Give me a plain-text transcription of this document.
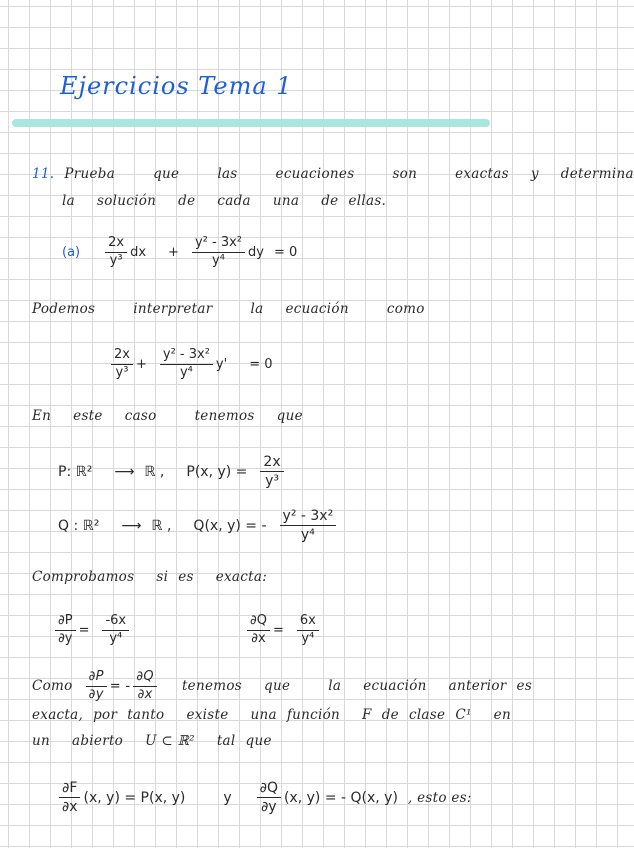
Ejercicios Tema 1
11. Prueba	que	las	ecuaciones	son	exactas y determina
la solución de cada una de ellas.
$(a) \frac{2x}{\text{y³}}$ dx + $\frac{\text{y² - 3x²}}{\text{y⁴}}$ dy = 0
Podemos	interpretar	la ecuación	como
$\frac{2x}{\text{y³}} + \frac{\text{y² - 3x²}}{\text{y⁴}} y' = 0$
En este caso	tenemos que
P: ℝ² ⟶ ℝ , P(x, $y) = \frac{2x}{\text{y³}}$
Q : ℝ² ⟶ ℝ , Q(x, y) = - $\frac{\text{y² - 3x²}}{\text{y⁴}}$
Comprobamos si es exacta:
$\frac{\partial P}{\partial y} = \frac{-6x}{\text{y⁴}}$	$\frac{\partial Q}{\partial x} = \frac{6x}{\text{y⁴}}$
Como $\frac{\partial P}{\partial y}$ = - $\frac{\partial Q}{\partial x}$ tenemos que	la ecuación anterior es
exacta, por tanto existe una función F de clase C¹ en
un abierto U ⊂ ℝ² tal que
$\frac{\partial F}{\partial x} (x$, y) = P(x, y)	y $\frac{\partial Q}{\partial y} (x$, y) = - Q(x, y) , esto es:
